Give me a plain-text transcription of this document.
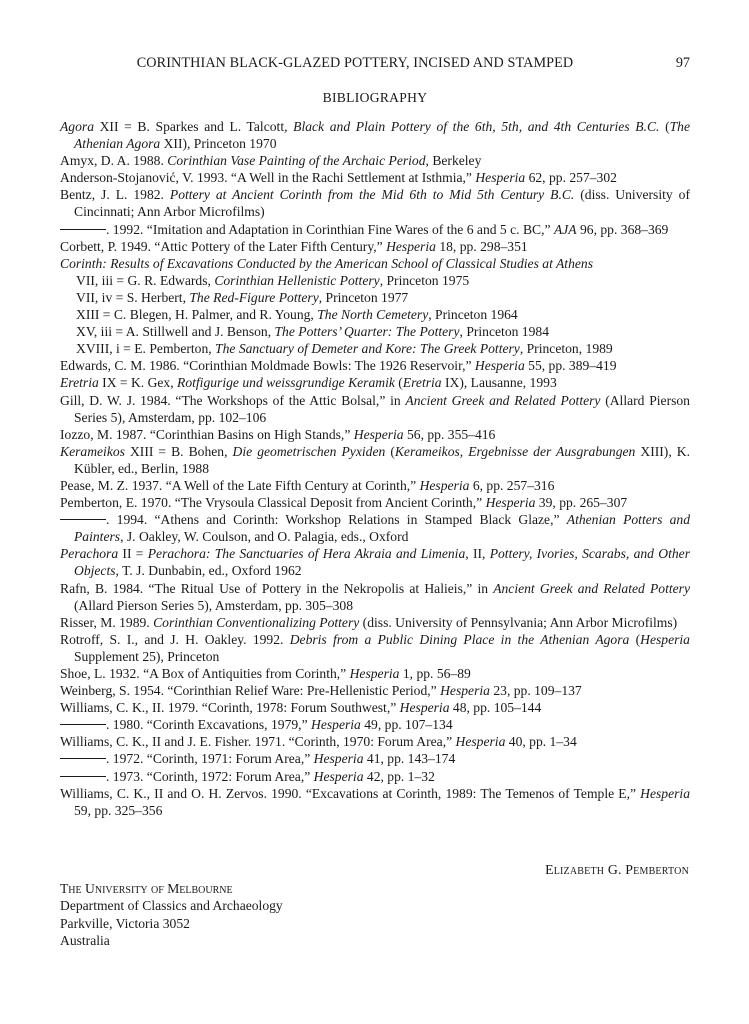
CORINTHIAN BLACK-GLAZED POTTERY, INCISED AND STAMPED	97
BIBLIOGRAPHY

Agora XII = B. Sparkes and L. Talcott, Black and Plain Pottery of the 6th, 5th, and 4th Centuries B.C. (The Athenian Agora XII), Princeton 1970

Amyx, D. A. 1988. Corinthian Vase Painting of the Archaic Period, Berkeley

Anderson-Stojanović, V. 1993. “A Well in the Rachi Settlement at Isthmia,” Hesperia 62, pp. 257–302

Bentz, J. L. 1982. Pottery at Ancient Corinth from the Mid 6th to Mid 5th Century B.C. (diss. University of Cincinnati; Ann Arbor Microfilms)

. 1992. “Imitation and Adaptation in Corinthian Fine Wares of the 6 and 5 c. BC,” AJA 96, pp. 368–369

Corbett, P. 1949. “Attic Pottery of the Later Fifth Century,” Hesperia 18, pp. 298–351

Corinth: Results of Excavations Conducted by the American School of Classical Studies at Athens

VII, iii = G. R. Edwards, Corinthian Hellenistic Pottery, Princeton 1975

VII, iv = S. Herbert, The Red-Figure Pottery, Princeton 1977

XIII = C. Blegen, H. Palmer, and R. Young, The North Cemetery, Princeton 1964

XV, iii = A. Stillwell and J. Benson, The Potters’ Quarter: The Pottery, Princeton 1984

XVIII, i = E. Pemberton, The Sanctuary of Demeter and Kore: The Greek Pottery, Princeton, 1989

Edwards, C. M. 1986. “Corinthian Moldmade Bowls: The 1926 Reservoir,” Hesperia 55, pp. 389–419

Eretria IX = K. Gex, Rotfigurige und weissgrundige Keramik (Eretria IX), Lausanne, 1993

Gill, D. W. J. 1984. “The Workshops of the Attic Bolsal,” in Ancient Greek and Related Pottery (Allard Pierson Series 5), Amsterdam, pp. 102–106

Iozzo, M. 1987. “Corinthian Basins on High Stands,” Hesperia 56, pp. 355–416

Kerameikos XIII = B. Bohen, Die geometrischen Pyxiden (Kerameikos, Ergebnisse der Ausgrabungen XIII), K. Kübler, ed., Berlin, 1988

Pease, M. Z. 1937. “A Well of the Late Fifth Century at Corinth,” Hesperia 6, pp. 257–316

Pemberton, E. 1970. “The Vrysoula Classical Deposit from Ancient Corinth,” Hesperia 39, pp. 265–307

. 1994. “Athens and Corinth: Workshop Relations in Stamped Black Glaze,” Athenian Potters and Painters, J. Oakley, W. Coulson, and O. Palagia, eds., Oxford

Perachora II = Perachora: The Sanctuaries of Hera Akraia and Limenia, II, Pottery, Ivories, Scarabs, and Other Objects, T. J. Dunbabin, ed., Oxford 1962

Rafn, B. 1984. “The Ritual Use of Pottery in the Nekropolis at Halieis,” in Ancient Greek and Related Pottery (Allard Pierson Series 5), Amsterdam, pp. 305–308

Risser, M. 1989. Corinthian Conventionalizing Pottery (diss. University of Pennsylvania; Ann Arbor Microfilms)

Rotroff, S. I., and J. H. Oakley. 1992. Debris from a Public Dining Place in the Athenian Agora (Hesperia Supplement 25), Princeton

Shoe, L. 1932. “A Box of Antiquities from Corinth,” Hesperia 1, pp. 56–89

Weinberg, S. 1954. “Corinthian Relief Ware: Pre-Hellenistic Period,” Hesperia 23, pp. 109–137

Williams, C. K., II. 1979. “Corinth, 1978: Forum Southwest,” Hesperia 48, pp. 105–144

. 1980. “Corinth Excavations, 1979,” Hesperia 49, pp. 107–134

Williams, C. K., II and J. E. Fisher. 1971. “Corinth, 1970: Forum Area,” Hesperia 40, pp. 1–34

. 1972. “Corinth, 1971: Forum Area,” Hesperia 41, pp. 143–174

. 1973. “Corinth, 1972: Forum Area,” Hesperia 42, pp. 1–32

Williams, C. K., II and O. H. Zervos. 1990. “Excavations at Corinth, 1989: The Temenos of Temple E,” Hesperia 59, pp. 325–356

Elizabeth G. Pemberton
The University of Melbourne
Department of Classics and Archaeology
Parkville, Victoria 3052
Australia
